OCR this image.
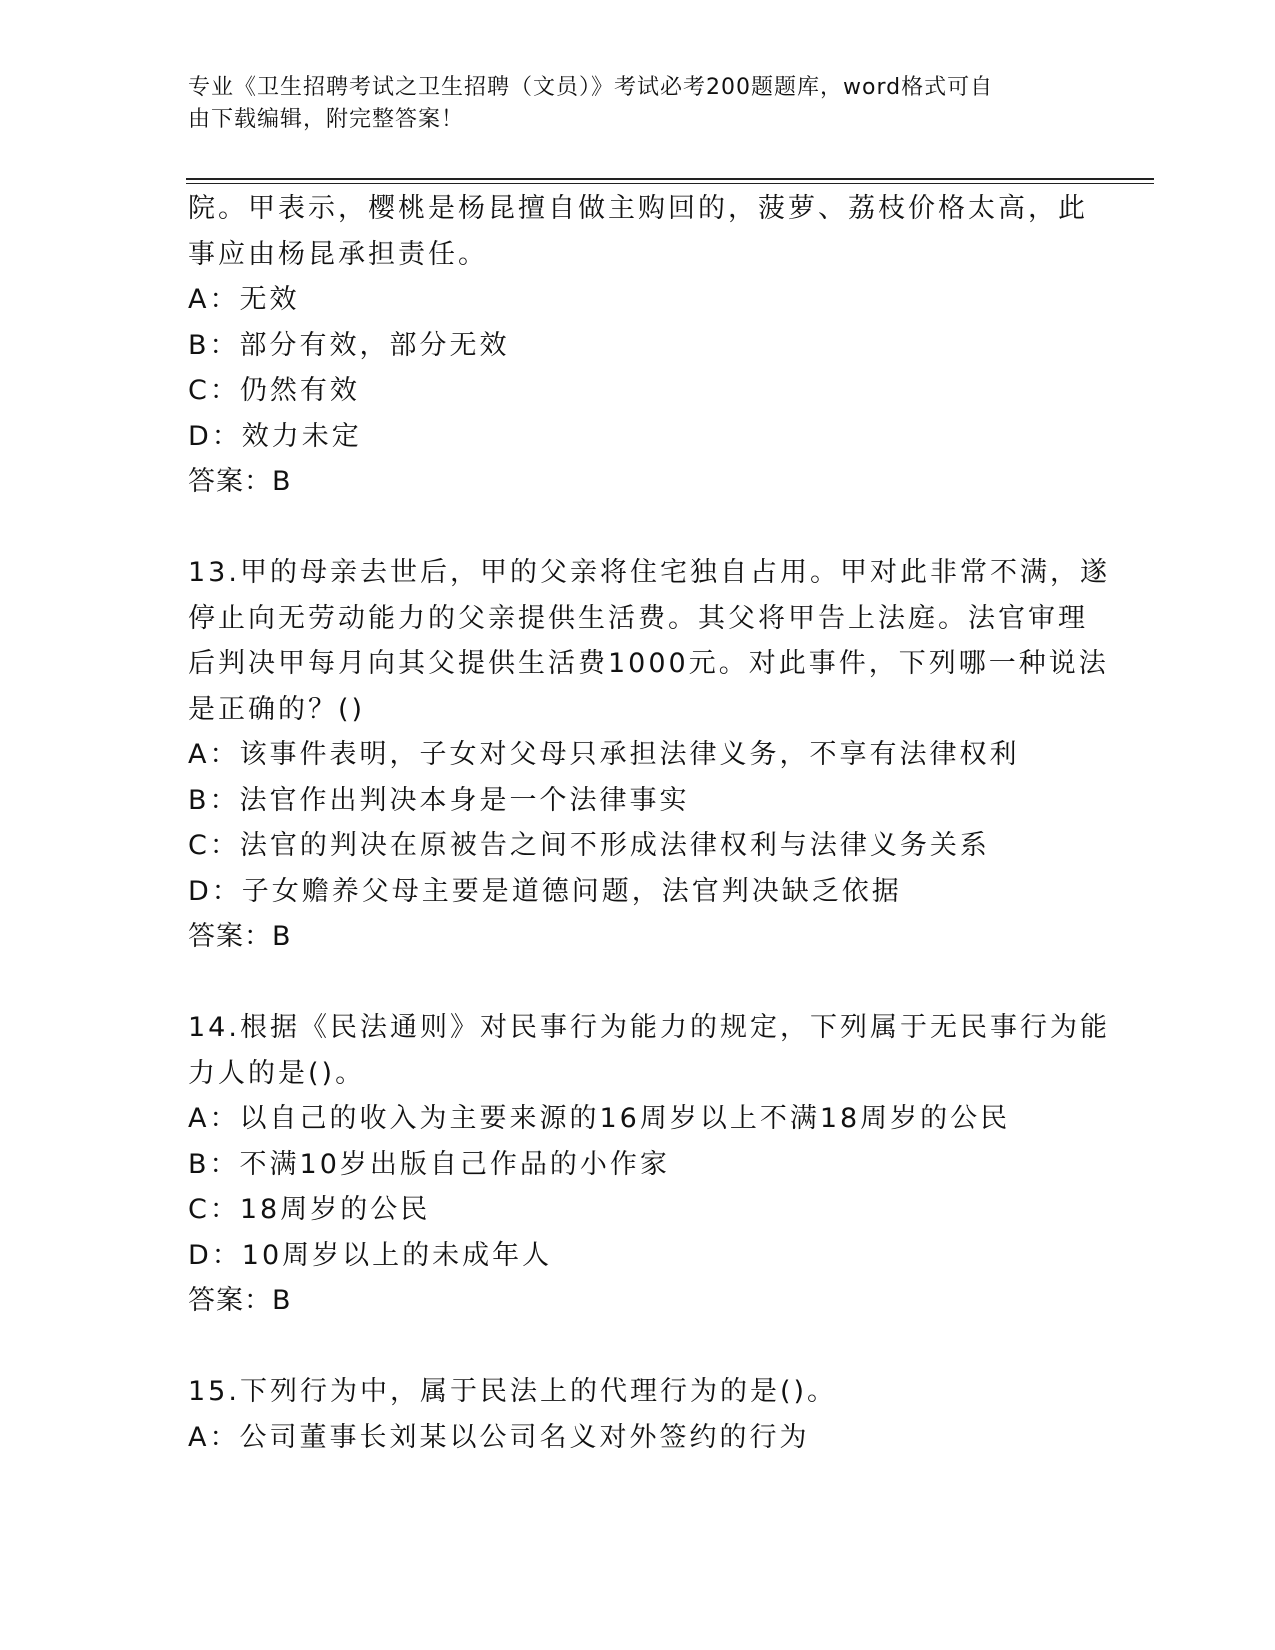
专业《卫生招聘考试之卫生招聘（文员）》考试必考200题题库，word格式可自
由下载编辑，附完整答案！
院。甲表示，樱桃是杨昆擅自做主购回的，菠萝、荔枝价格太高，此
事应由杨昆承担责任。
A：无效
B：部分有效，部分无效
C：仍然有效
D：效力未定
答案：B
13.甲的母亲去世后，甲的父亲将住宅独自占用。甲对此非常不满，遂
停止向无劳动能力的父亲提供生活费。其父将甲告上法庭。法官审理
后判决甲每月向其父提供生活费1000元。对此事件，下列哪一种说法
是正确的？()
A：该事件表明，子女对父母只承担法律义务，不享有法律权利
B：法官作出判决本身是一个法律事实
C：法官的判决在原被告之间不形成法律权利与法律义务关系
D：子女赡养父母主要是道德问题，法官判决缺乏依据
答案：B
14.根据《民法通则》对民事行为能力的规定，下列属于无民事行为能
力人的是()。
A：以自己的收入为主要来源的16周岁以上不满18周岁的公民
B：不满10岁出版自己作品的小作家
C：18周岁的公民
D：10周岁以上的未成年人
答案：B
15.下列行为中，属于民法上的代理行为的是()。
A：公司董事长刘某以公司名义对外签约的行为
